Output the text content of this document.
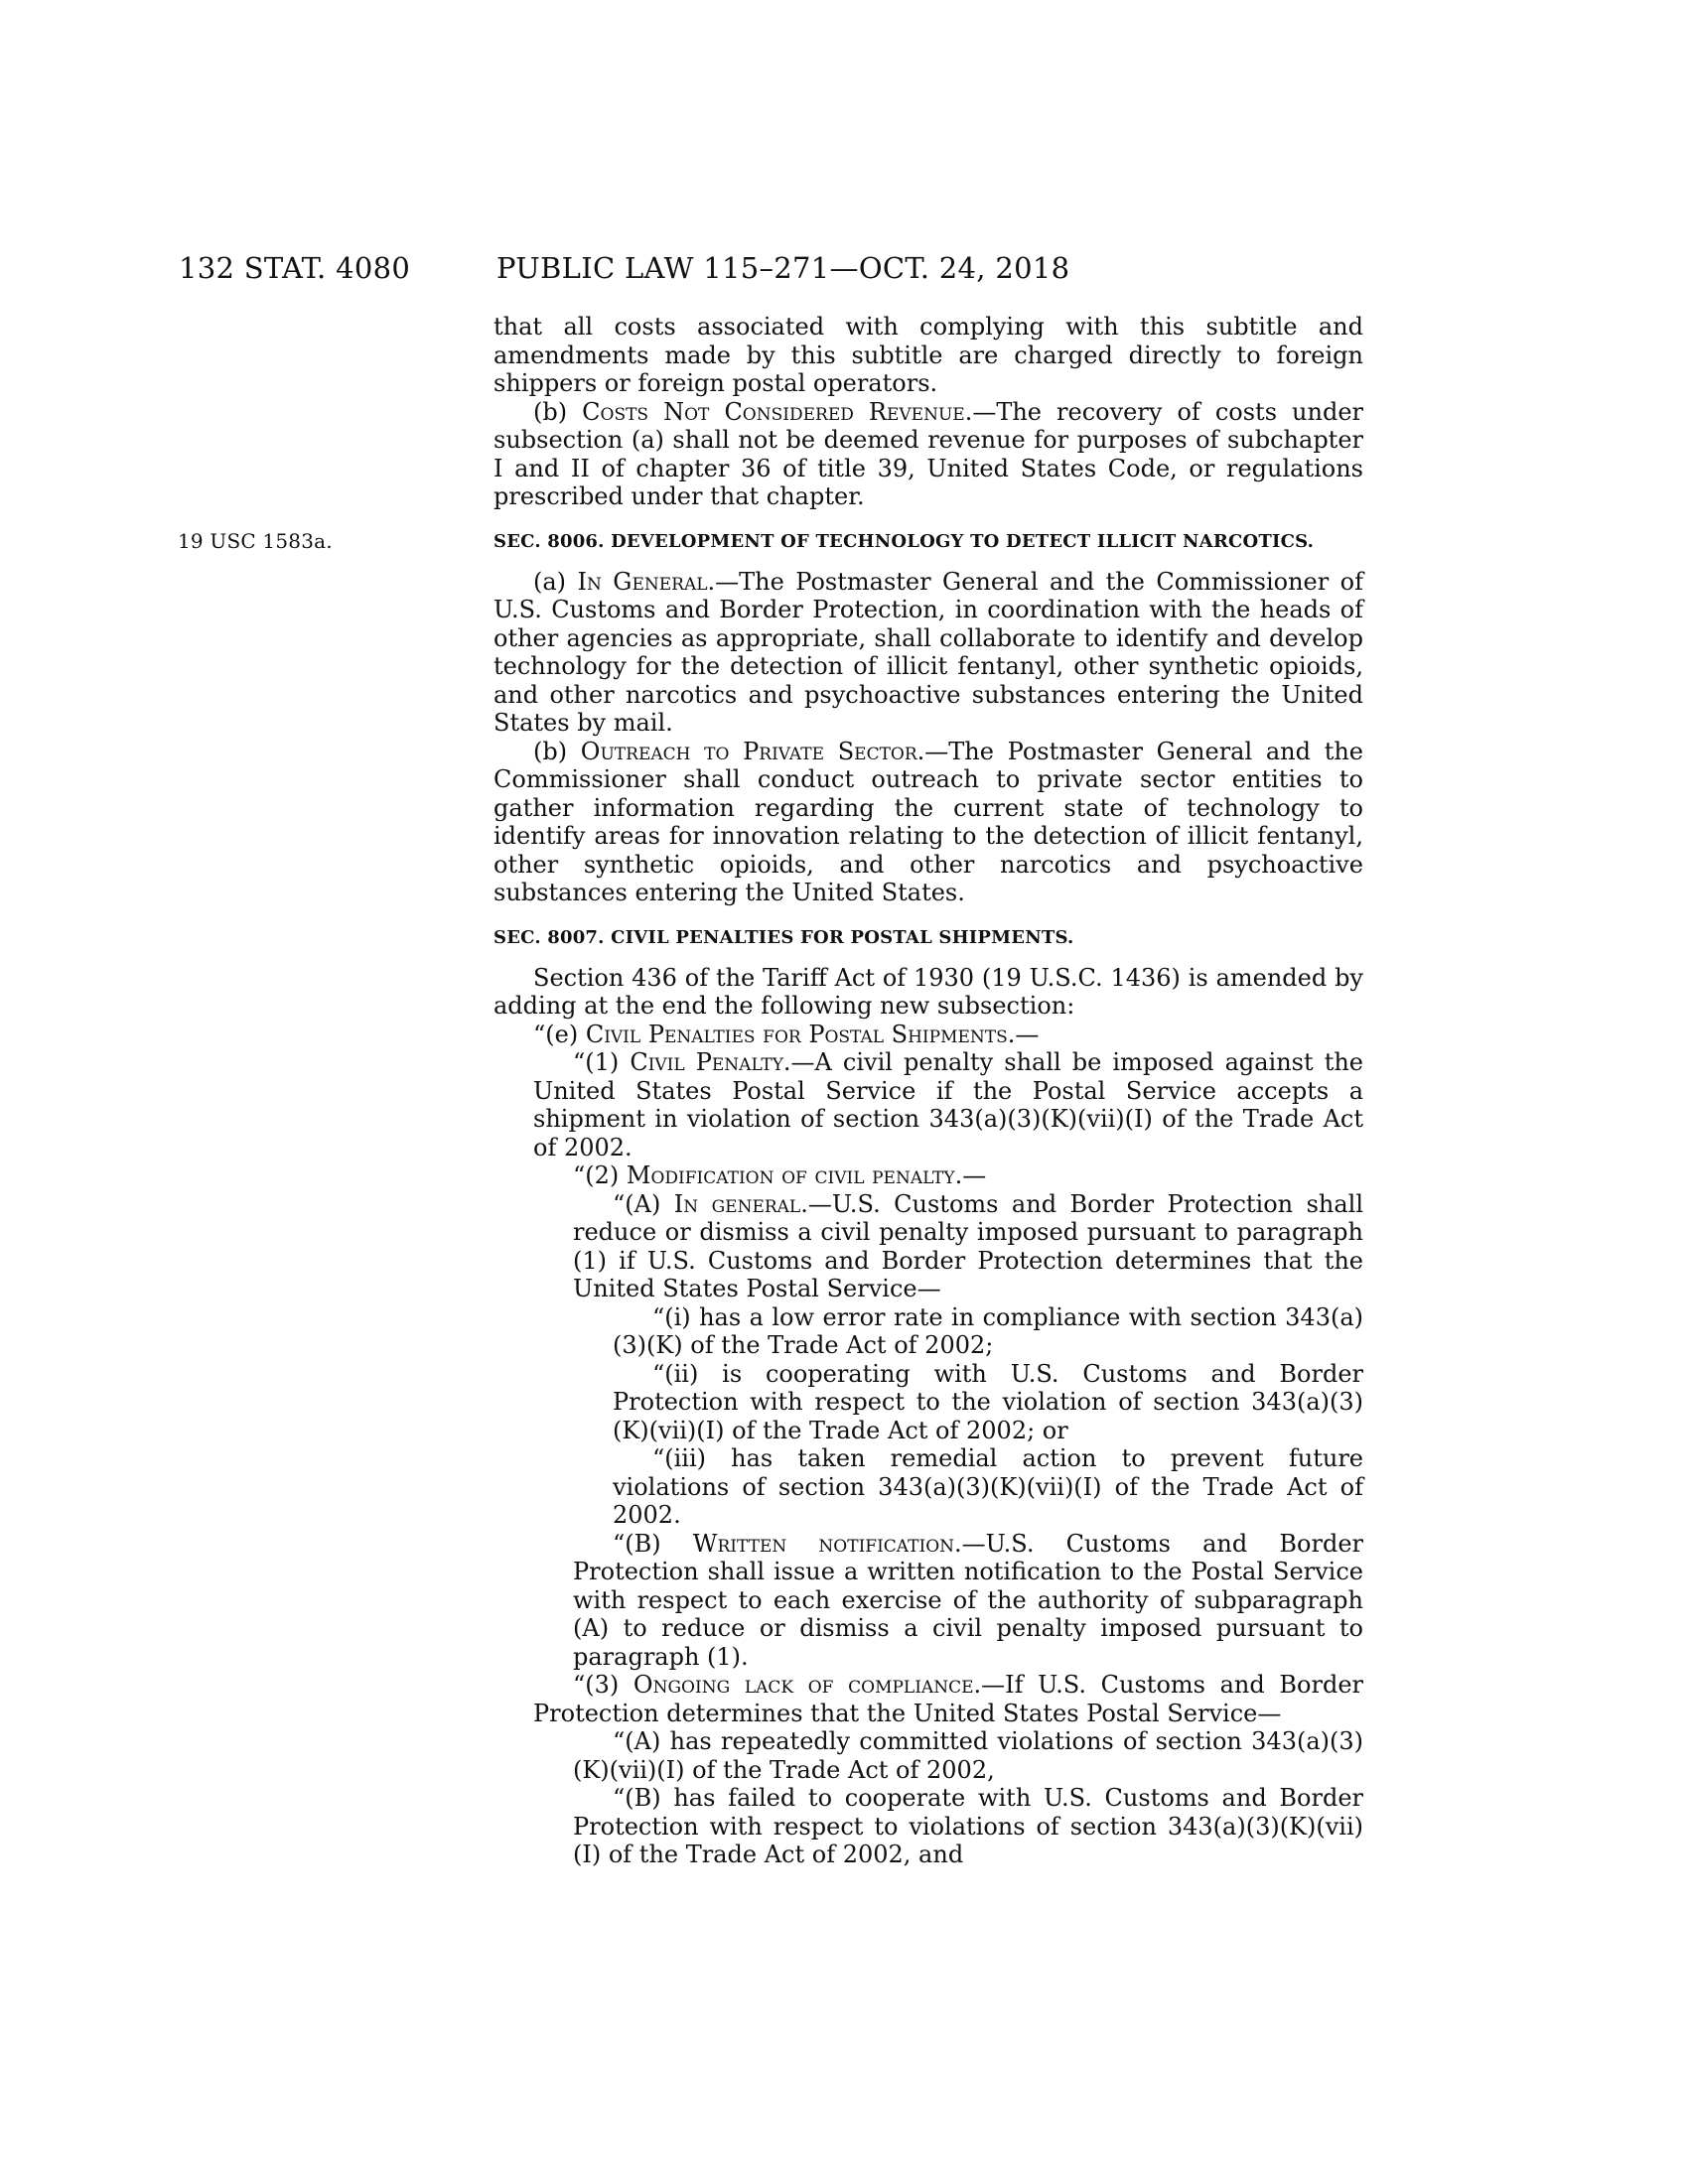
132 STAT. 4080	PUBLIC LAW 115–271—OCT. 24, 2018

that all costs associated with complying with this subtitle and amendments made by this subtitle are charged directly to foreign shippers or foreign postal operators.

(b) Costs Not Considered Revenue.—The recovery of costs under subsection (a) shall not be deemed revenue for purposes of subchapter I and II of chapter 36 of title 39, United States Code, or regulations prescribed under that chapter.

19 USC 1583a.	SEC. 8006. DEVELOPMENT OF TECHNOLOGY TO DETECT ILLICIT NARCOTICS.

(a) In General.—The Postmaster General and the Commissioner of U.S. Customs and Border Protection, in coordination with the heads of other agencies as appropriate, shall collaborate to identify and develop technology for the detection of illicit fentanyl, other synthetic opioids, and other narcotics and psychoactive substances entering the United States by mail.

(b) Outreach to Private Sector.—The Postmaster General and the Commissioner shall conduct outreach to private sector entities to gather information regarding the current state of technology to identify areas for innovation relating to the detection of illicit fentanyl, other synthetic opioids, and other narcotics and psychoactive substances entering the United States.

SEC. 8007. CIVIL PENALTIES FOR POSTAL SHIPMENTS.

Section 436 of the Tariff Act of 1930 (19 U.S.C. 1436) is amended by adding at the end the following new subsection:

“(e) Civil Penalties for Postal Shipments.—

“(1) Civil Penalty.—A civil penalty shall be imposed against the United States Postal Service if the Postal Service accepts a shipment in violation of section 343(a)(3)(K)(vii)(I) of the Trade Act of 2002.

“(2) Modification of civil penalty.—

“(A) In general.—U.S. Customs and Border Protection shall reduce or dismiss a civil penalty imposed pursuant to paragraph (1) if U.S. Customs and Border Protection determines that the United States Postal Service—

“(i) has a low error rate in compliance with section 343(a)(3)(K) of the Trade Act of 2002;

“(ii) is cooperating with U.S. Customs and Border Protection with respect to the violation of section 343(a)(3)(K)(vii)(I) of the Trade Act of 2002; or

“(iii) has taken remedial action to prevent future violations of section 343(a)(3)(K)(vii)(I) of the Trade Act of 2002.

“(B) Written notification.—U.S. Customs and Border Protection shall issue a written notification to the Postal Service with respect to each exercise of the authority of subparagraph (A) to reduce or dismiss a civil penalty imposed pursuant to paragraph (1).

“(3) Ongoing lack of compliance.—If U.S. Customs and Border Protection determines that the United States Postal Service—

“(A) has repeatedly committed violations of section 343(a)(3)(K)(vii)(I) of the Trade Act of 2002,

“(B) has failed to cooperate with U.S. Customs and Border Protection with respect to violations of section 343(a)(3)(K)(vii)(I) of the Trade Act of 2002, and
